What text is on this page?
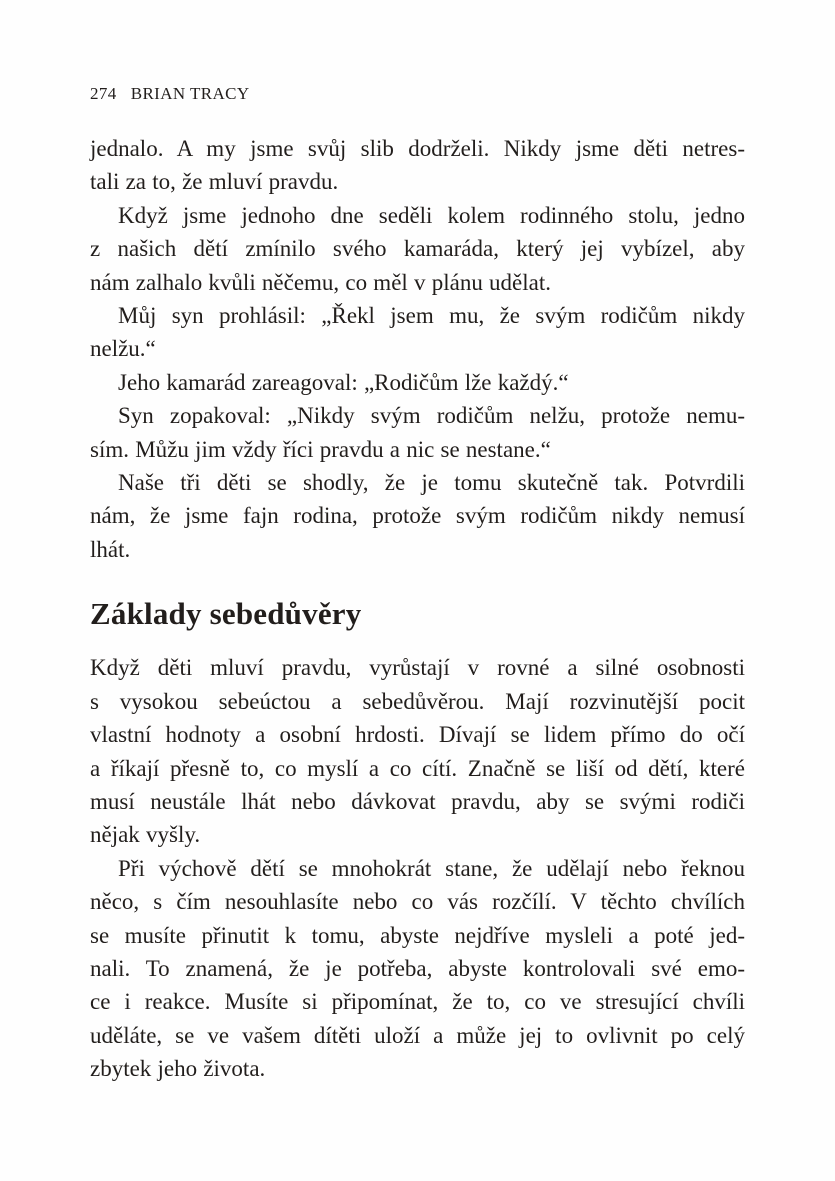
274 BRIAN TRACY

jednalo. A my jsme svůj slib dodrželi. Nikdy jsme děti netres-
tali za to, že mluví pravdu.

Když jsme jednoho dne seděli kolem rodinného stolu, jedno
z našich dětí zmínilo svého kamaráda, který jej vybízel, aby
nám zalhalo kvůli něčemu, co měl v plánu udělat.

Můj syn prohlásil: „Řekl jsem mu, že svým rodičům nikdy
nelžu.“

Jeho kamarád zareagoval: „Rodičům lže každý.“

Syn zopakoval: „Nikdy svým rodičům nelžu, protože nemu-
sím. Můžu jim vždy říci pravdu a nic se nestane.“

Naše tři děti se shodly, že je tomu skutečně tak. Potvrdili
nám, že jsme fajn rodina, protože svým rodičům nikdy nemusí
lhát.

Základy sebedůvěry

Když děti mluví pravdu, vyrůstají v rovné a silné osobnosti
s vysokou sebeúctou a sebedůvěrou. Mají rozvinutější pocit
vlastní hodnoty a osobní hrdosti. Dívají se lidem přímo do očí
a říkají přesně to, co myslí a co cítí. Značně se liší od dětí, které
musí neustále lhát nebo dávkovat pravdu, aby se svými rodiči
nějak vyšly.

Při výchově dětí se mnohokrát stane, že udělají nebo řeknou
něco, s čím nesouhlasíte nebo co vás rozčílí. V těchto chvílích
se musíte přinutit k tomu, abyste nejdříve mysleli a poté jed-
nali. To znamená, že je potřeba, abyste kontrolovali své emo-
ce i reakce. Musíte si připomínat, že to, co ve stresující chvíli
uděláte, se ve vašem dítěti uloží a může jej to ovlivnit po celý
zbytek jeho života.
